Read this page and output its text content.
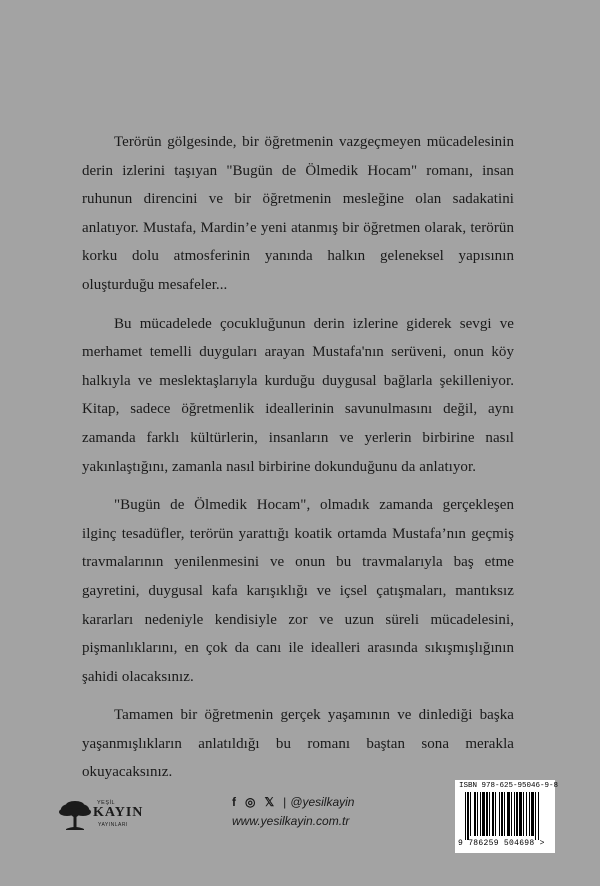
Terörün gölgesinde, bir öğretmenin vazgeçmeyen mücadelesinin derin izlerini taşıyan "Bugün de Ölmedik Hocam" romanı, insan ruhunun direncini ve bir öğretmenin mesleğine olan sadakatini anlatıyor. Mustafa, Mardin’e yeni atanmış bir öğretmen olarak, terörün korku dolu atmosferinin yanında halkın geleneksel yapısının oluşturduğu mesafeler...

Bu mücadelede çocukluğunun derin izlerine giderek sevgi ve merhamet temelli duyguları arayan Mustafa'nın serüveni, onun köy halkıyla ve meslektaşlarıyla kurduğu duygusal bağlarla şekilleniyor. Kitap, sadece öğretmenlik ideallerinin savunulmasını değil, aynı zamanda farklı kültürlerin, insanların ve yerlerin birbirine nasıl yakınlaştığını, zamanla nasıl birbirine dokunduğunu da anlatıyor.

"Bugün de Ölmedik Hocam", olmadık zamanda gerçekleşen ilginç tesadüfler, terörün yarattığı koatik ortamda Mustafa’nın geçmiş travmalarının yenilenmesini ve onun bu travmalarıyla baş etme gayretini, duygusal kafa karışıklığı ve içsel çatışmaları, mantıksız kararları nedeniyle kendisiyle zor ve uzun süreli mücadelesini, pişmanlıklarını, en çok da canı ile idealleri arasında sıkışmışlığının şahidi olacaksınız.

Tamamen bir öğretmenin gerçek yaşamının ve dinlediği başka yaşanmışlıkların anlatıldığı bu romanı baştan sona merakla okuyacaksınız.

YEŞİL
KAYIN
YAYINLARI
f ◎ 𝕏 | @yesilkayin
www.yesilkayin.com.tr
ISBN 978-625-95046-9-8
9 786259 504698 >
